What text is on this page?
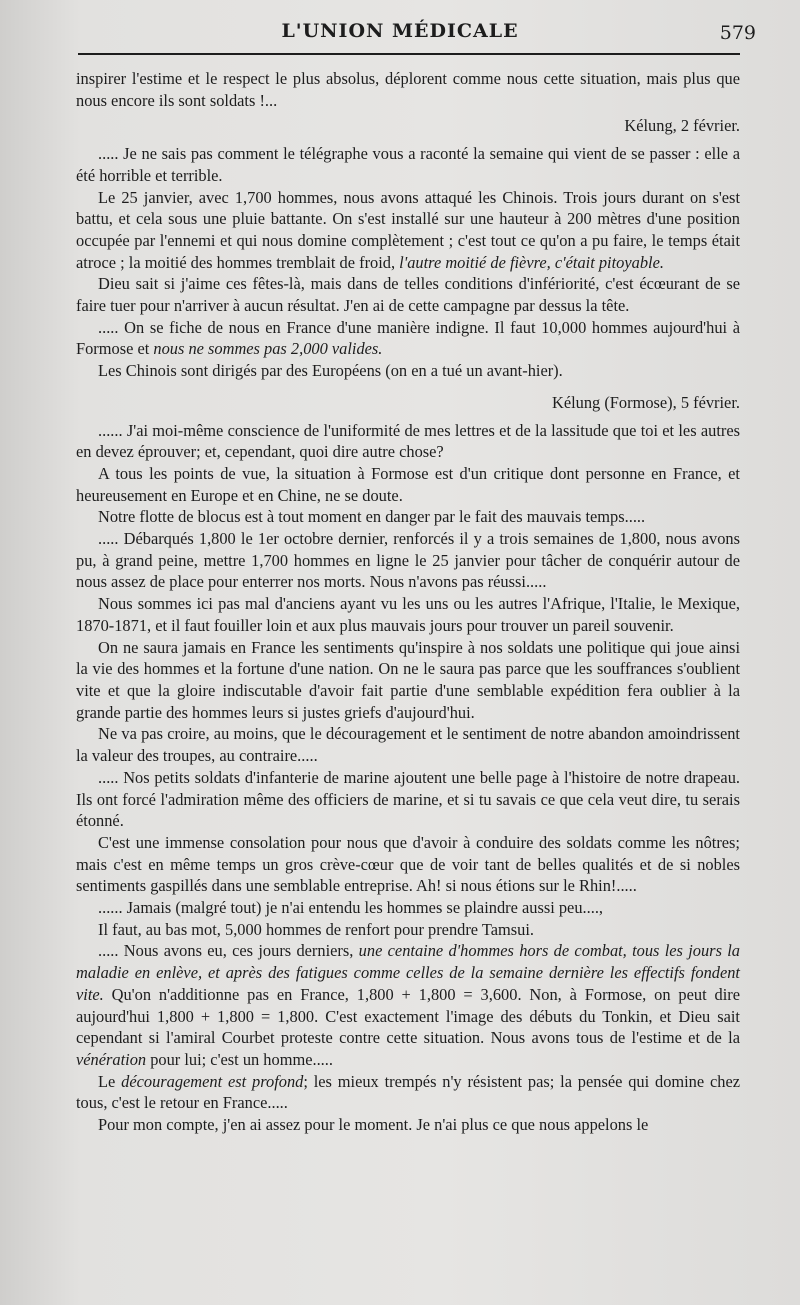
L'UNION MÉDICALE	579

inspirer l'estime et le respect le plus absolus, déplorent comme nous cette situation, mais plus que nous encore ils sont soldats !...

Kélung, 2 février.

..... Je ne sais pas comment le télégraphe vous a raconté la semaine qui vient de se passer : elle a été horrible et terrible.

Le 25 janvier, avec 1,700 hommes, nous avons attaqué les Chinois. Trois jours durant on s'est battu, et cela sous une pluie battante. On s'est installé sur une hauteur à 200 mètres d'une position occupée par l'ennemi et qui nous domine complètement ; c'est tout ce qu'on a pu faire, le temps était atroce ; la moitié des hommes tremblait de froid, l'autre moitié de fièvre, c'était pitoyable.

Dieu sait si j'aime ces fêtes-là, mais dans de telles conditions d'infériorité, c'est écœurant de se faire tuer pour n'arriver à aucun résultat. J'en ai de cette campagne par dessus la tête.

..... On se fiche de nous en France d'une manière indigne. Il faut 10,000 hommes aujourd'hui à Formose et nous ne sommes pas 2,000 valides.

Les Chinois sont dirigés par des Européens (on en a tué un avant-hier).

Kélung (Formose), 5 février.

...... J'ai moi-même conscience de l'uniformité de mes lettres et de la lassitude que toi et les autres en devez éprouver; et, cependant, quoi dire autre chose?

A tous les points de vue, la situation à Formose est d'un critique dont personne en France, et heureusement en Europe et en Chine, ne se doute.

Notre flotte de blocus est à tout moment en danger par le fait des mauvais temps.....

..... Débarqués 1,800 le 1er octobre dernier, renforcés il y a trois semaines de 1,800, nous avons pu, à grand peine, mettre 1,700 hommes en ligne le 25 janvier pour tâcher de conquérir autour de nous assez de place pour enterrer nos morts. Nous n'avons pas réussi.....

Nous sommes ici pas mal d'anciens ayant vu les uns ou les autres l'Afrique, l'Italie, le Mexique, 1870-1871, et il faut fouiller loin et aux plus mauvais jours pour trouver un pareil souvenir.

On ne saura jamais en France les sentiments qu'inspire à nos soldats une politique qui joue ainsi la vie des hommes et la fortune d'une nation. On ne le saura pas parce que les souffrances s'oublient vite et que la gloire indiscutable d'avoir fait partie d'une semblable expédition fera oublier à la grande partie des hommes leurs si justes griefs d'aujourd'hui.

Ne va pas croire, au moins, que le découragement et le sentiment de notre abandon amoindrissent la valeur des troupes, au contraire.....

..... Nos petits soldats d'infanterie de marine ajoutent une belle page à l'histoire de notre drapeau. Ils ont forcé l'admiration même des officiers de marine, et si tu savais ce que cela veut dire, tu serais étonné.

C'est une immense consolation pour nous que d'avoir à conduire des soldats comme les nôtres; mais c'est en même temps un gros crève-cœur que de voir tant de belles qualités et de si nobles sentiments gaspillés dans une semblable entreprise. Ah! si nous étions sur le Rhin!.....

...... Jamais (malgré tout) je n'ai entendu les hommes se plaindre aussi peu....,

Il faut, au bas mot, 5,000 hommes de renfort pour prendre Tamsui.

..... Nous avons eu, ces jours derniers, une centaine d'hommes hors de combat, tous les jours la maladie en enlève, et après des fatigues comme celles de la semaine dernière les effectifs fondent vite. Qu'on n'additionne pas en France, 1,800 + 1,800 = 3,600. Non, à Formose, on peut dire aujourd'hui 1,800 + 1,800 = 1,800. C'est exactement l'image des débuts du Tonkin, et Dieu sait cependant si l'amiral Courbet proteste contre cette situation. Nous avons tous de l'estime et de la vénération pour lui; c'est un homme.....

Le découragement est profond; les mieux trempés n'y résistent pas; la pensée qui domine chez tous, c'est le retour en France.....

Pour mon compte, j'en ai assez pour le moment. Je n'ai plus ce que nous appelons le
